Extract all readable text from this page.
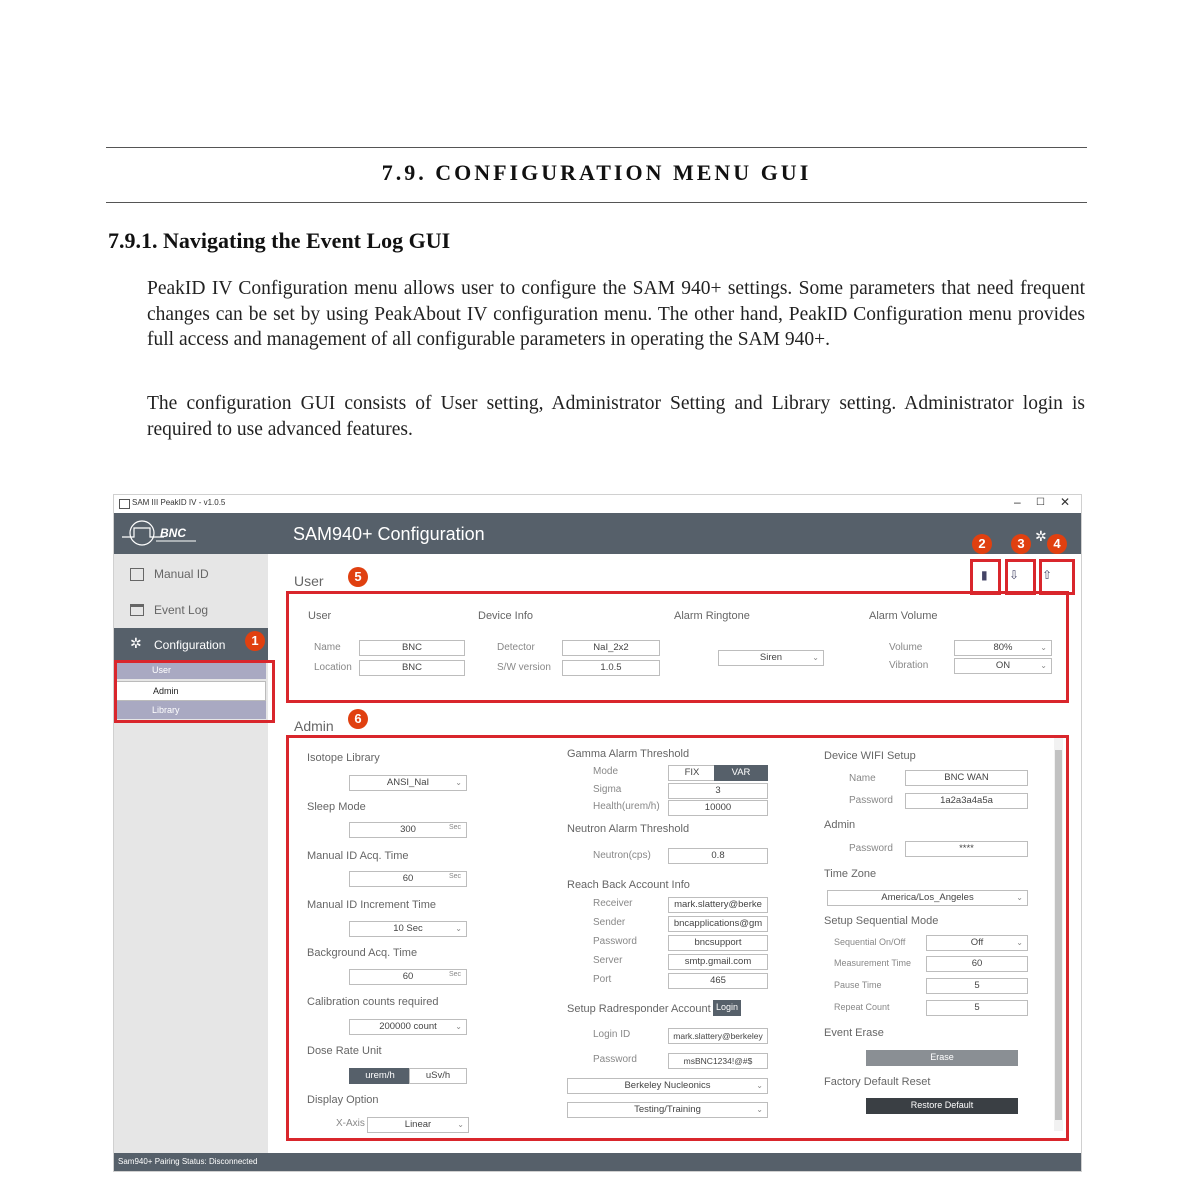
7.9. CONFIGURATION MENU GUI
7.9.1. Navigating the Event Log GUI
PeakID IV Configuration menu allows user to configure the SAM 940+ settings. Some parameters that need frequent changes can be set by using PeakAbout IV configuration menu. The other hand, PeakID Configuration menu provides full access and management of all configurable parameters in operating the SAM 940+.
The configuration GUI consists of User setting, Administrator Setting and Library setting. Administrator login is required to use advanced features.
SAM III PeakID IV - v1.0.5	– ☐ ✕
BNC
Manual ID
Event Log
✲ Configuration
User
Admin
Library
SAM940+ Configuration	✲
User	▮ ⇩ ⇧
User
Name	BNC
Location	BNC
Device Info
Detector	NaI_2x2
S/W version	1.0.5
Alarm Ringtone
Siren	⌄
Alarm Volume
Volume	80%	⌄
Vibration	ON	⌄
Admin
Isotope Library
ANSI_NaI	⌄
Sleep Mode
300	Sec
Manual ID Acq. Time
60	Sec
Manual ID Increment Time
10 Sec	⌄
Background Acq. Time
60	Sec
Calibration counts required
200000 count ⌄
Dose Rate Unit
urem/h	uSv/h
Display Option
X-Axis	Linear	⌄
Gamma Alarm Threshold
Mode	FIX	VAR
Sigma	3
Health(urem/h)	10000
Neutron Alarm Threshold
Neutron(cps)	0.8
Reach Back Account Info
Receiver	mark.slattery@berke
Sender	bncapplications@gm
Password	bncsupport
Server	smtp.gmail.com
Port	465
Setup Radresponder Account Login
Login ID	mark.slattery@berkeley
Password	msBNC1234!@#$
Berkeley Nucleonics	⌄
Testing/Training	⌄
Device WIFI Setup
Name	BNC WAN
Password	1a2a3a4a5a
Admin
Password	****
Time Zone
America/Los_Angeles	⌄
Setup Sequential Mode
Sequential On/Off	Off	⌄
Measurement Time	60
Pause Time	5
Repeat Count	5
Event Erase
Erase
Factory Default Reset
Restore Default
Sam940+ Pairing Status: Disconnected
1
2	3	4
5
6
